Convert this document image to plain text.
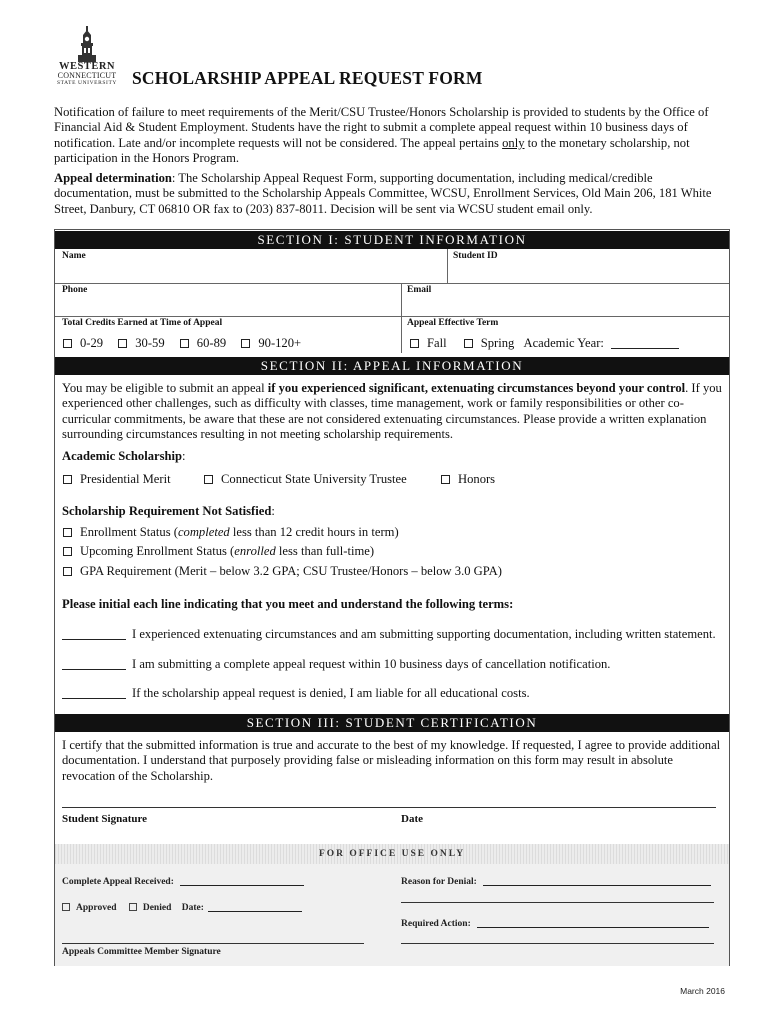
WESTERN
CONNECTICUT
STATE UNIVERSITY SCHOLARSHIP APPEAL REQUEST FORM
Notification of failure to meet requirements of the Merit/CSU Trustee/Honors Scholarship is provided to students by the Office of Financial Aid & Student Employment. Students have the right to submit a complete appeal request within 10 business days of notification. Late and/or incomplete requests will not be considered. The appeal pertains only to the monetary scholarship, not participation in the Honors Program.
Appeal determination: The Scholarship Appeal Request Form, supporting documentation, including medical/credible documentation, must be submitted to the Scholarship Appeals Committee, WCSU, Enrollment Services, Old Main 206, 181 White Street, Danbury, CT 06810 OR fax to (203) 837-8011. Decision will be sent via WCSU student email only.
SECTION I: STUDENT INFORMATION
Name	Student ID
Phone	Email
Total Credits Earned at Time of Appeal	Appeal Effective Term
0-29	30-59	60-89	90-120+	Fall	Spring Academic Year:
SECTION II: APPEAL INFORMATION
You may be eligible to submit an appeal if you experienced significant, extenuating circumstances beyond your control. If you experienced other challenges, such as difficulty with classes, time management, work or family responsibilities or other co-curricular commitments, be aware that these are not considered extenuating circumstances. Please provide a written explanation surrounding circumstances resulting in not meeting scholarship requirements.
Academic Scholarship:
Presidential Merit	Connecticut State University Trustee	Honors
Scholarship Requirement Not Satisfied:
Enrollment Status (completed less than 12 credit hours in term)
Upcoming Enrollment Status (enrolled less than full-time)
GPA Requirement (Merit – below 3.2 GPA; CSU Trustee/Honors – below 3.0 GPA)
Please initial each line indicating that you meet and understand the following terms:
I experienced extenuating circumstances and am submitting supporting documentation, including written statement.
I am submitting a complete appeal request within 10 business days of cancellation notification.
If the scholarship appeal request is denied, I am liable for all educational costs.
SECTION III: STUDENT CERTIFICATION
I certify that the submitted information is true and accurate to the best of my knowledge. If requested, I agree to provide additional documentation. I understand that purposely providing false or misleading information on this form may result in absolute revocation of the Scholarship.
Student Signature	Date
FOR OFFICE USE ONLY
Complete Appeal Received:	Reason for Denial:
Approved	Denied Date:
Required Action:
Appeals Committee Member Signature
March 2016
